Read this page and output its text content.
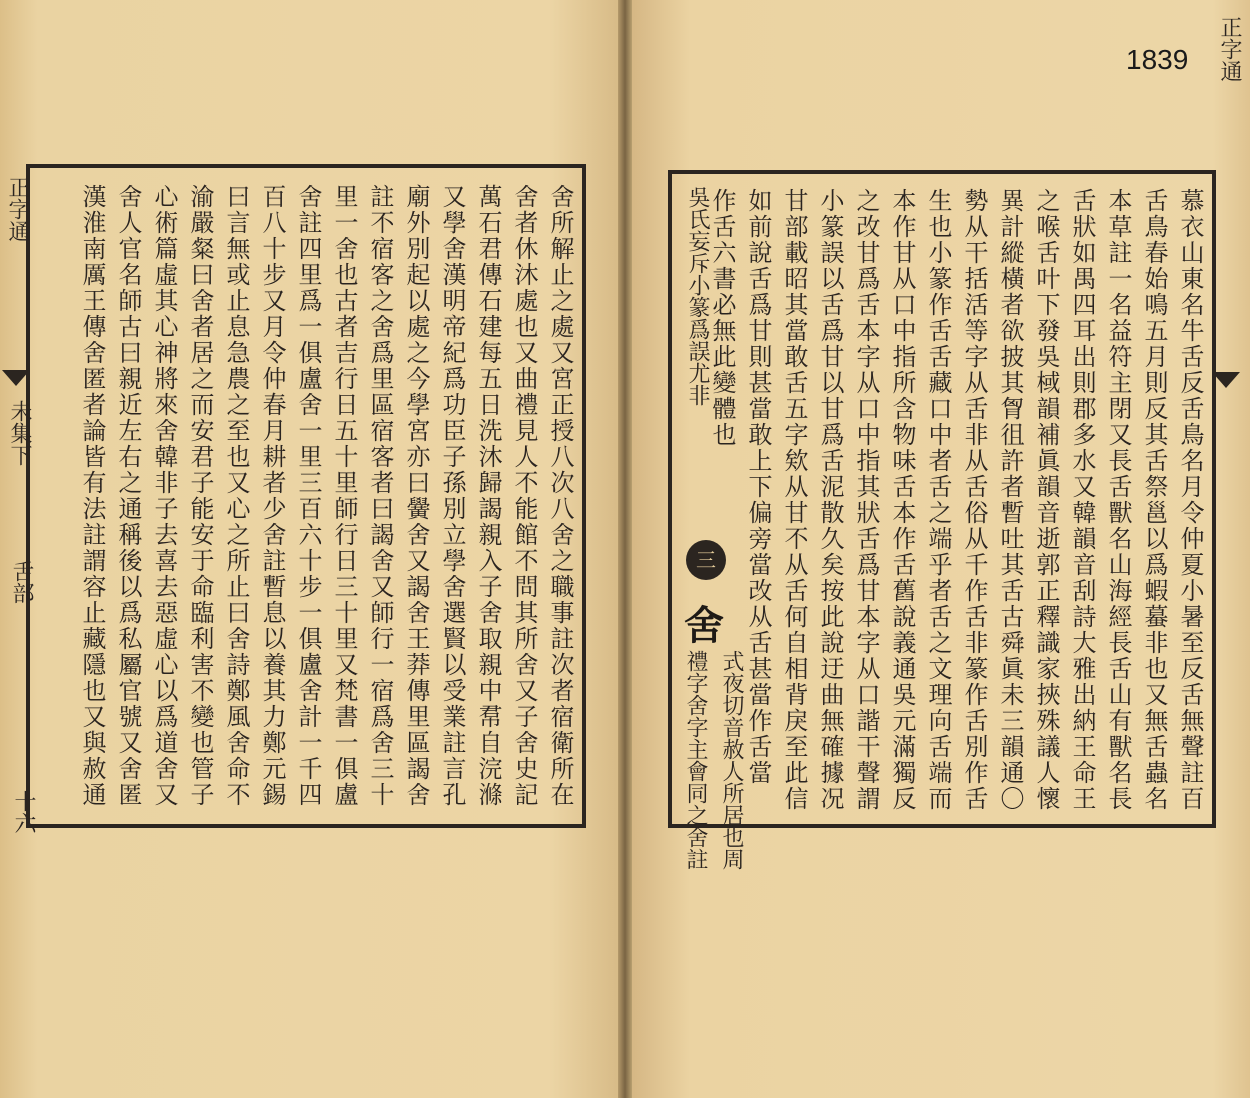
1839
舍所解止之處又宮正授八次八舍之職事註次者宿衛所在
舍者休沐處也又曲禮見人不能館不問其所舍又子舍史記
萬石君傳石建每五日洗沐歸謁親入子舍取親中帬自浣滌
又學舍漢明帝紀爲功臣子孫別立學舍選賢以受業註言孔
廟外別起以處之今學宮亦曰黌舍又謁舍王莽傳里區謁舍
註不宿客之舍爲里區宿客者曰謁舍又師行一宿爲舍三十
里一舍也古者吉行日五十里師行日三十里又梵書一俱盧
舍註四里爲一俱盧舍一里三百六十步一俱盧舍計一千四
百八十步又月令仲春月耕者少舍註暫息以養其力鄭元錫
曰言無或止息急農之至也又心之所止曰舍詩鄭風舍命不
渝嚴粲曰舍者居之而安君子能安于命臨利害不變也管子
心術篇虛其心神將來舍韓非子去喜去惡虛心以爲道舍又
舍人官名師古曰親近左右之通稱後以爲私屬官號又舍匿
漢淮南厲王傳舍匿者論皆有法註謂容止藏隱也又與赦通
正字通
未集下
舌部
十六	慕衣山東名牛舌反舌鳥名月令仲夏小暑至反舌無聲註百
舌鳥春始鳴五月則反其舌祭邕以爲蝦蟇非也又無舌蟲名
本草註一名益符主閉又長舌獸名山海經長舌山有獸名長
舌狀如禺四耳出則郡多水又韓韻音刮詩大雅出納王命王
之喉舌叶下發吳棫韻補眞韻音逝郭正釋識家挾殊議人懷
異計縱橫者欲披其胷徂許者暫吐其舌古舜眞未三韻通〇
勢从干括活等字从舌非从舌俗从千作舌非篆作舌別作舌
生也小篆作舌舌藏口中者舌之端乎者舌之文理向舌端而
本作甘从口中指所含物味舌本作舌舊說義通吳元滿獨反
之改甘爲舌本字从口中指其狀舌爲甘本字从口諧干聲謂
小篆誤以舌爲甘以甘爲舌泥散久矣按此說迂曲無確據况
甘部載昭其當敢舌五字欸从甘不从舌何自相背戾至此信
如前說舌爲甘則甚當敢上下偏旁當改从舌甚當作舌當
作舌六書必無此變體也
正字通
三
舍
禮字舍字主會同之舍註 式夜切音赦人所居也周
吳氏妄斥小篆爲誤尤非
